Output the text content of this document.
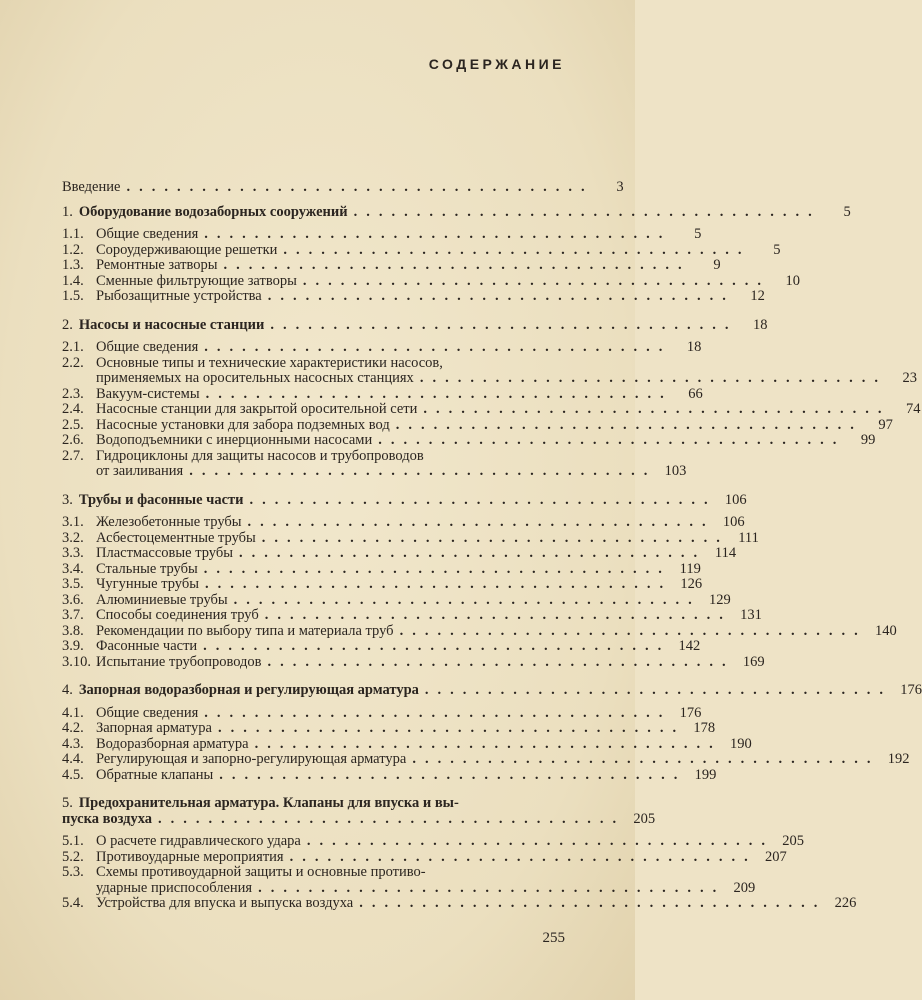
СОДЕРЖАНИЕ
Введение .....................................	3
1. Оборудование водозаборных сооружений .....................................	5
1.1. Общие сведения .....................................	5
1.2. Сороудерживающие решетки .....................................	5
1.3. Ремонтные затворы .....................................	9
1.4. Сменные фильтрующие затворы .....................................	10
1.5. Рыбозащитные устройства .....................................	12
2. Насосы и насосные станции .....................................	18
2.1. Общие сведения .....................................	18
2.2. Основные типы и технические характеристики насосов,
применяемых на оросительных насосных станциях .....................................	23
2.3. Вакуум-системы .....................................	66
2.4. Насосные станции для закрытой оросительной сети .....................................	74
2.5. Насосные установки для забора подземных вод .....................................	97
2.6. Водоподъемники с инерционными насосами .....................................	99
2.7. Гидроциклоны для защиты насосов и трубопроводов
от заиливания ..................................... 103
3. Трубы и фасонные части ..................................... 106
3.1. Железобетонные трубы ..................................... 106
3.2. Асбестоцементные трубы ..................................... 111
3.3. Пластмассовые трубы ..................................... 114
3.4. Стальные трубы ..................................... 119
3.5. Чугунные трубы ..................................... 126
3.6. Алюминиевые трубы ..................................... 129
3.7. Способы соединения труб ..................................... 131
3.8. Рекомендации по выбору типа и материала труб ..................................... 140
3.9. Фасонные части ..................................... 142
3.10. Испытание трубопроводов ..................................... 169
4. Запорная водоразборная и регулирующая арматура ..................................... 176
4.1. Общие сведения ..................................... 176
4.2. Запорная арматура ..................................... 178
4.3. Водоразборная арматура ..................................... 190
4.4. Регулирующая и запорно-регулирующая арматура ..................................... 192
4.5. Обратные клапаны ..................................... 199
5. Предохранительная арматура. Клапаны для впуска и вы-
пуска воздуха ..................................... 205
5.1. О расчете гидравлического удара ..................................... 205
5.2. Противоударные мероприятия ..................................... 207
5.3. Схемы противоударной защиты и основные противо-
ударные приспособления ..................................... 209
5.4. Устройства для впуска и выпуска воздуха ..................................... 226
255
